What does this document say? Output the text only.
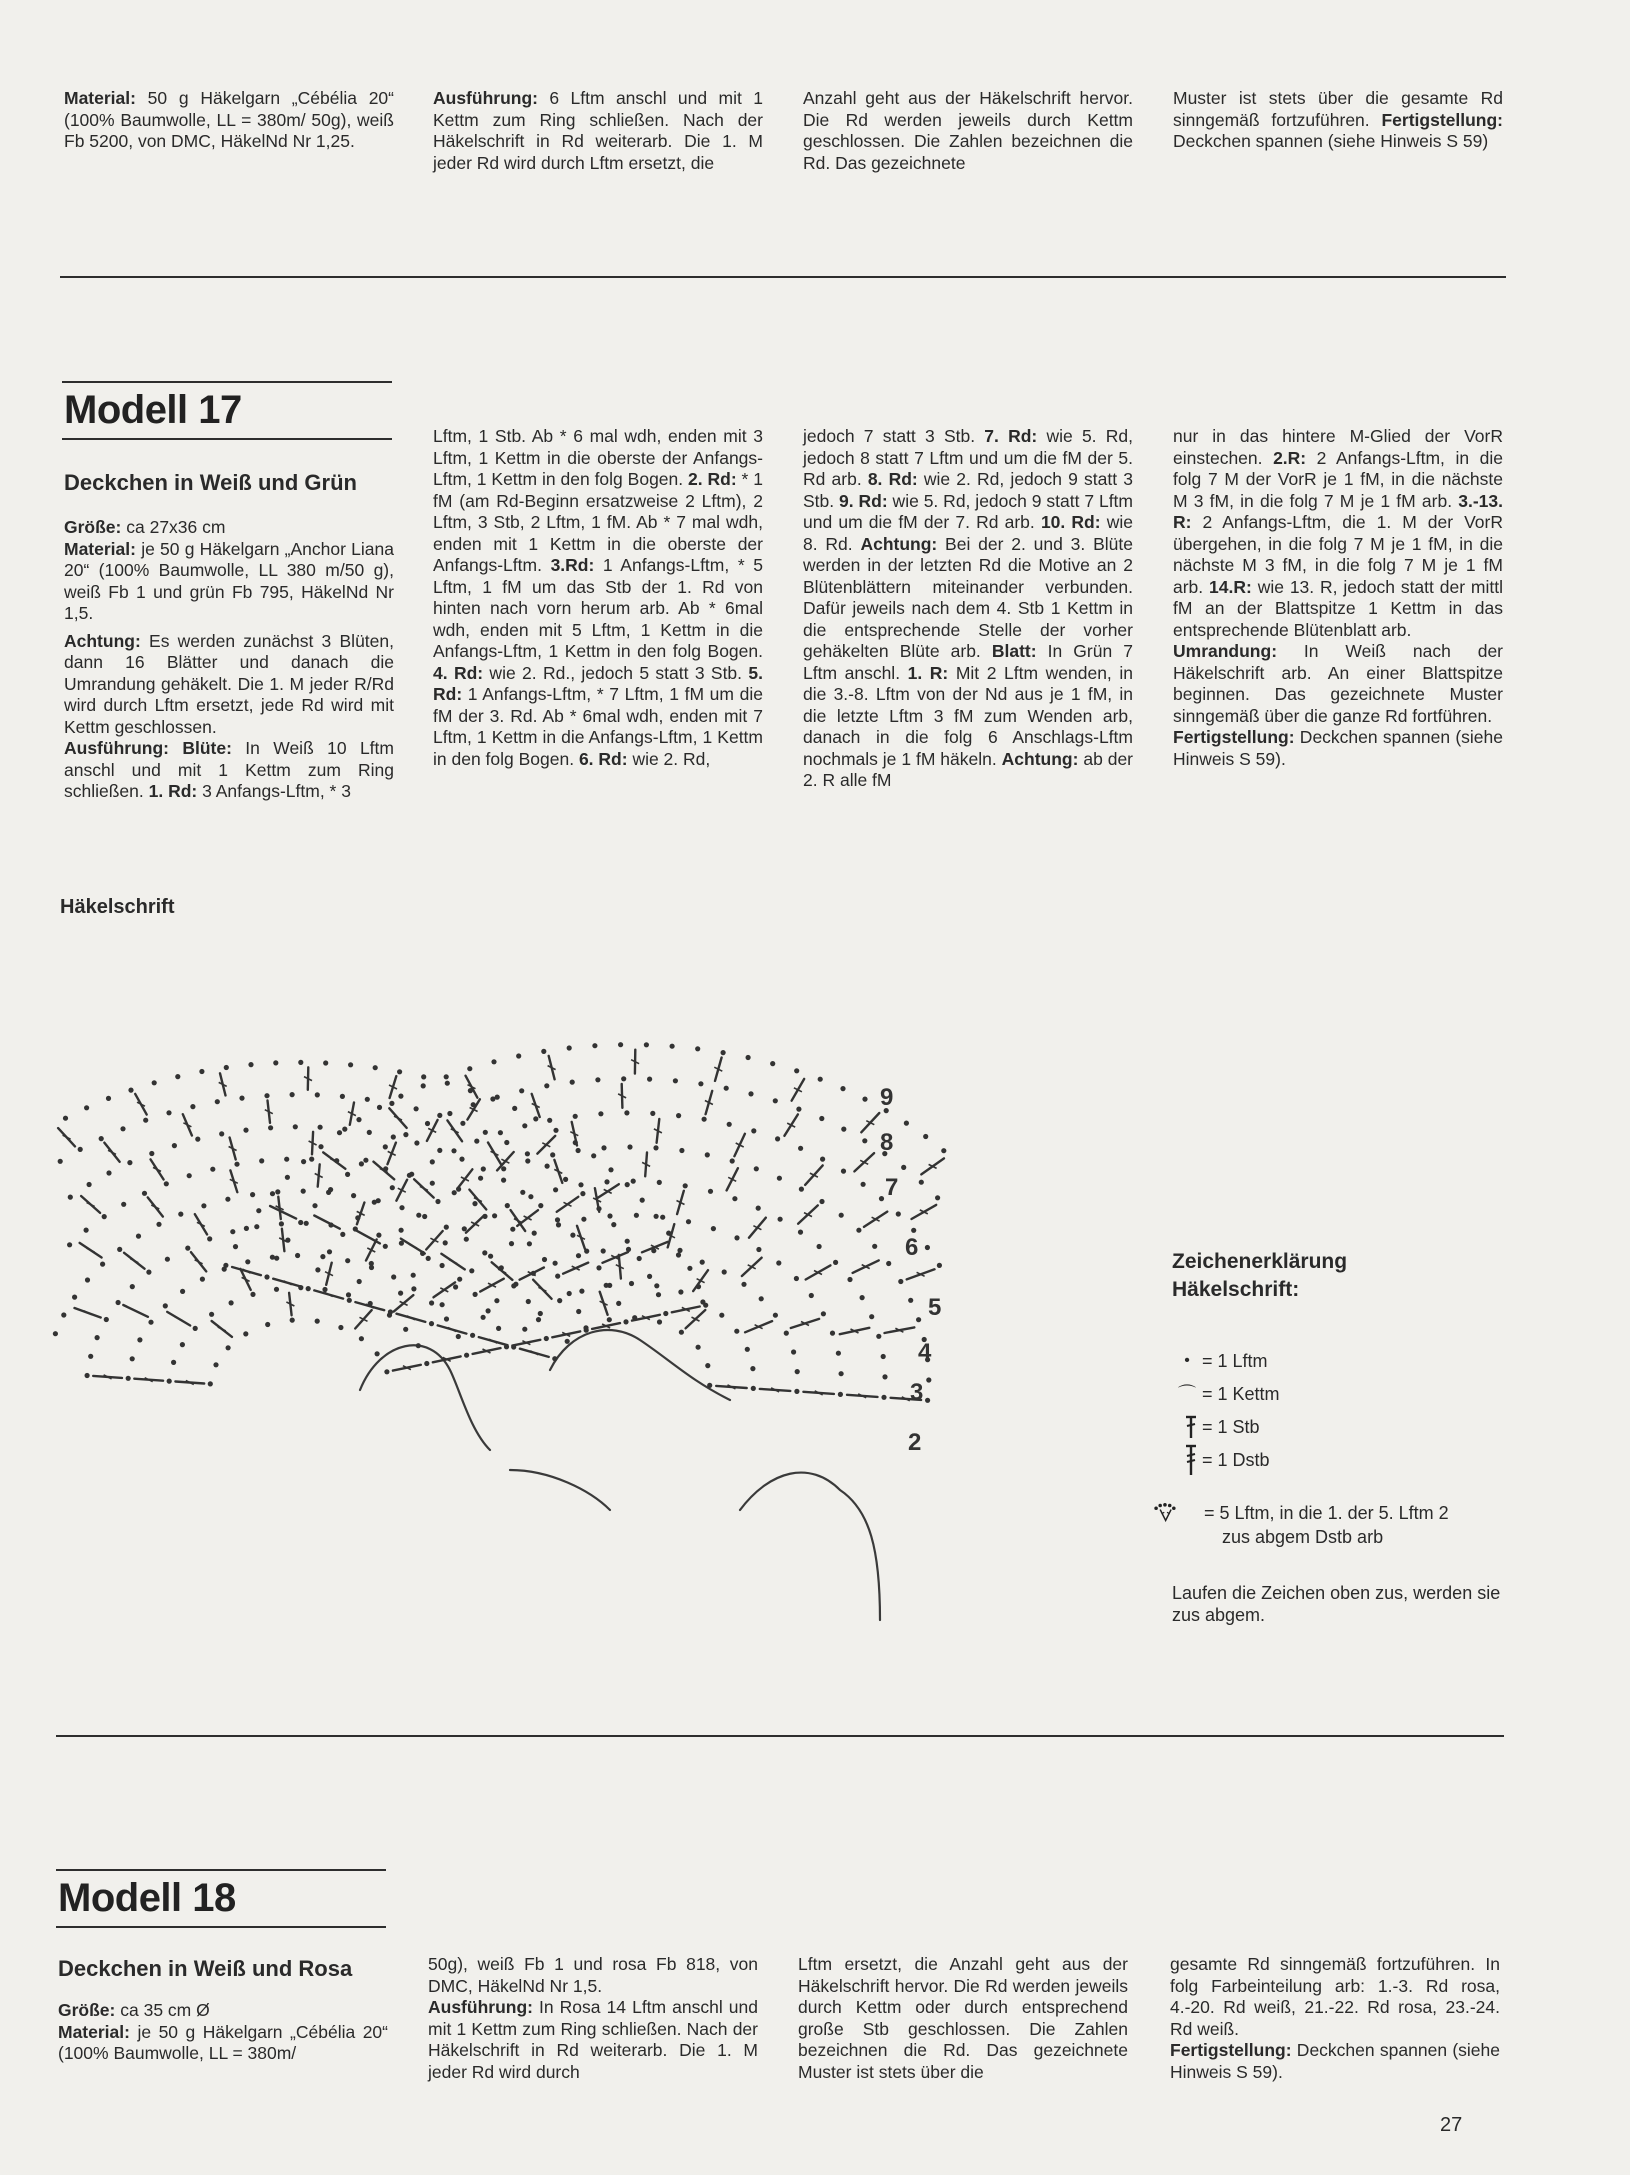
Material: 50 g Häkelgarn „Cébélia 20“ (100% Baumwolle, LL = 380m/ 50g), weiß Fb 5200, von DMC, HäkelNd Nr 1,25.
Ausführung: 6 Lftm anschl und mit 1 Kettm zum Ring schließen. Nach der Häkelschrift in Rd weiterarb. Die 1. M jeder Rd wird durch Lftm ersetzt, die
Anzahl geht aus der Häkelschrift hervor. Die Rd werden jeweils durch Kettm geschlossen. Die Zahlen bezeichnen die Rd. Das gezeichnete
Muster ist stets über die gesamte Rd sinngemäß fortzuführen. Fertigstellung: Deckchen spannen (siehe Hinweis S 59)
Modell 17
Deckchen in Weiß und Grün

Größe: ca 27x36 cm

Material: je 50 g Häkelgarn „Anchor Liana 20“ (100% Baumwolle, LL 380 m/50 g), weiß Fb 1 und grün Fb 795, HäkelNd Nr 1,5.

Achtung: Es werden zunächst 3 Blüten, dann 16 Blätter und danach die Umrandung gehäkelt. Die 1. M jeder R/Rd wird durch Lftm ersetzt, jede Rd wird mit Kettm geschlossen.

Ausführung: Blüte: In Weiß 10 Lftm anschl und mit 1 Kettm zum Ring schließen. 1. Rd: 3 Anfangs-Lftm, * 3

Lftm, 1 Stb. Ab * 6 mal wdh, enden mit 3 Lftm, 1 Kettm in die oberste der Anfangs-Lftm, 1 Kettm in den folg Bogen. 2. Rd: * 1 fM (am Rd-Beginn ersatzweise 2 Lftm), 2 Lftm, 3 Stb, 2 Lftm, 1 fM. Ab * 7 mal wdh, enden mit 1 Kettm in die oberste der Anfangs-Lftm. 3.Rd: 1 Anfangs-Lftm, * 5 Lftm, 1 fM um das Stb der 1. Rd von hinten nach vorn herum arb. Ab * 6mal wdh, enden mit 5 Lftm, 1 Kettm in die Anfangs-Lftm, 1 Kettm in den folg Bogen. 4. Rd: wie 2. Rd., jedoch 5 statt 3 Stb. 5. Rd: 1 Anfangs-Lftm, * 7 Lftm, 1 fM um die fM der 3. Rd. Ab * 6mal wdh, enden mit 7 Lftm, 1 Kettm in die Anfangs-Lftm, 1 Kettm in den folg Bogen. 6. Rd: wie 2. Rd,
jedoch 7 statt 3 Stb. 7. Rd: wie 5. Rd, jedoch 8 statt 7 Lftm und um die fM der 5. Rd arb. 8. Rd: wie 2. Rd, jedoch 9 statt 3 Stb. 9. Rd: wie 5. Rd, jedoch 9 statt 7 Lftm und um die fM der 7. Rd arb. 10. Rd: wie 8. Rd. Achtung: Bei der 2. und 3. Blüte werden in der letzten Rd die Motive an 2 Blütenblättern miteinander verbunden. Dafür jeweils nach dem 4. Stb 1 Kettm in die entsprechende Stelle der vorher gehäkelten Blüte arb. Blatt: In Grün 7 Lftm anschl. 1. R: Mit 2 Lftm wenden, in die 3.-8. Lftm von der Nd aus je 1 fM, in die letzte Lftm 3 fM zum Wenden arb, danach in die folg 6 Anschlags-Lftm nochmals je 1 fM häkeln. Achtung: ab der 2. R alle fM

nur in das hintere M-Glied der VorR einstechen. 2.R: 2 Anfangs-Lftm, in die folg 7 M der VorR je 1 fM, in die nächste M 3 fM, in die folg 7 M je 1 fM arb. 3.-13. R: 2 Anfangs-Lftm, die 1. M der VorR übergehen, in die folg 7 M je 1 fM, in die nächste M 3 fM, in die folg 7 M je 1 fM arb. 14.R: wie 13. R, jedoch statt der mittl fM an der Blattspitze 1 Kettm in das entsprechende Blütenblatt arb.

Umrandung: In Weiß nach der Häkelschrift arb. An einer Blattspitze beginnen. Das gezeichnete Muster sinngemäß über die ganze Rd fortführen.

Fertigstellung: Deckchen spannen (siehe Hinweis S 59).

Häkelschrift
9
8
7
6
5
4
3
2
Zeichenerklärung
Häkelschrift:
• = 1 Lftm
⌒ = 1 Kettm
= 1 Stb
= 1 Dstb
= 5 Lftm, in die 1. der 5. Lftm 2
zus abgem Dstb arb
Laufen die Zeichen oben zus, werden sie zus abgem.
Modell 18
Deckchen in Weiß und Rosa

Größe: ca 35 cm Ø

Material: je 50 g Häkelgarn „Cébélia 20“ (100% Baumwolle, LL = 380m/

50g), weiß Fb 1 und rosa Fb 818, von DMC, HäkelNd Nr 1,5.

Ausführung: In Rosa 14 Lftm anschl und mit 1 Kettm zum Ring schließen. Nach der Häkelschrift in Rd weiterarb. Die 1. M jeder Rd wird durch

Lftm ersetzt, die Anzahl geht aus der Häkelschrift hervor. Die Rd werden jeweils durch Kettm oder durch entsprechend große Stb geschlossen. Die Zahlen bezeichnen die Rd. Das gezeichnete Muster ist stets über die

gesamte Rd sinngemäß fortzuführen. In folg Farbeinteilung arb: 1.-3. Rd rosa, 4.-20. Rd weiß, 21.-22. Rd rosa, 23.-24. Rd weiß.

Fertigstellung: Deckchen spannen (siehe Hinweis S 59).

27
